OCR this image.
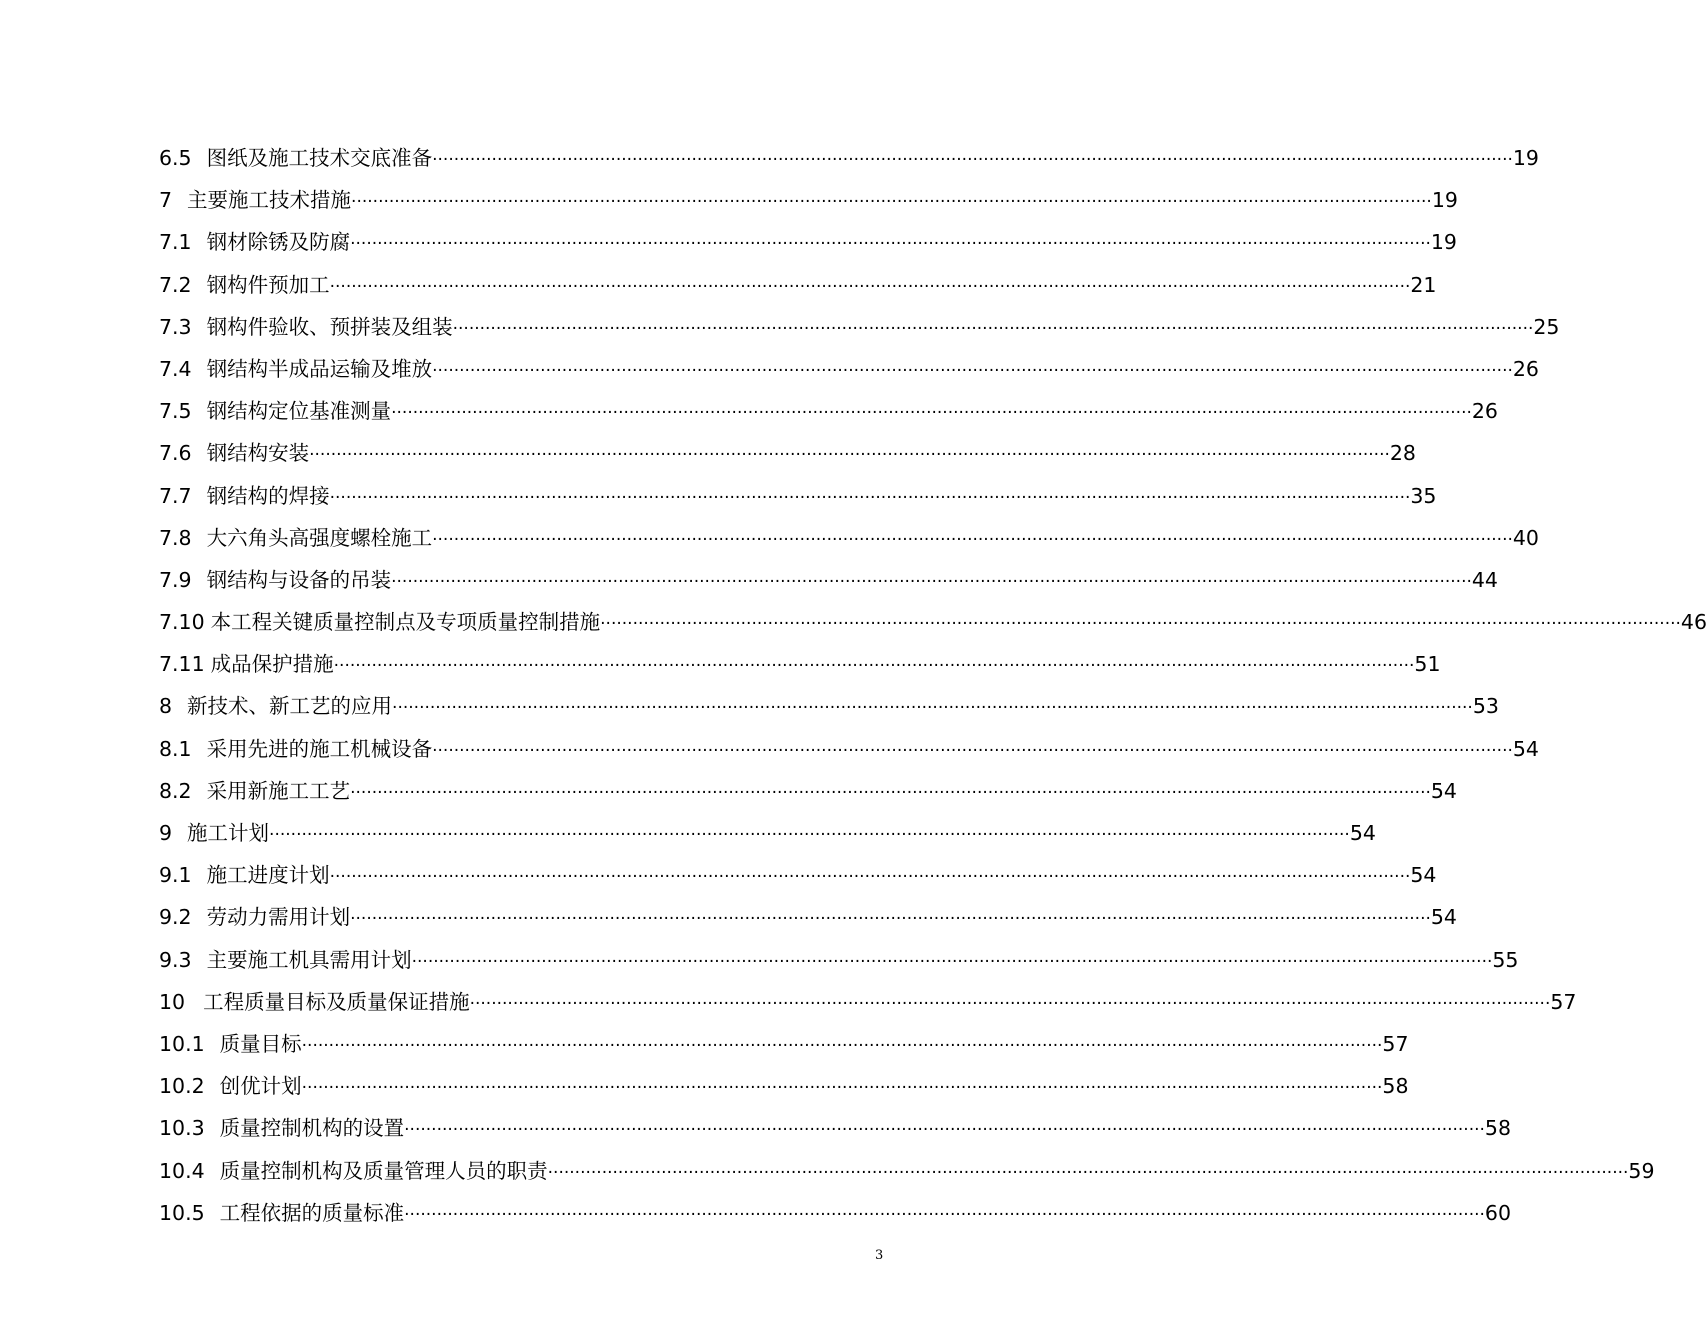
6.5 图纸及施工技术交底准备 ········································································································································································································ 19
7 主要施工技术措施 ········································································································································································································ 19
7.1 钢材除锈及防腐 ········································································································································································································ 19
7.2 钢构件预加工 ········································································································································································································ 21
7.3 钢构件验收、预拼装及组装 ········································································································································································································ 25
7.4 钢结构半成品运输及堆放 ········································································································································································································ 26
7.5 钢结构定位基准测量 ········································································································································································································ 26
7.6 钢结构安装 ········································································································································································································ 28
7.7 钢结构的焊接 ········································································································································································································ 35
7.8 大六角头高强度螺栓施工 ········································································································································································································ 40
7.9 钢结构与设备的吊装 ········································································································································································································ 44
7.10 本工程关键质量控制点及专项质量控制措施 ········································································································································································································ 46
7.11 成品保护措施 ········································································································································································································ 51
8 新技术、新工艺的应用 ········································································································································································································ 53
8.1 采用先进的施工机械设备 ········································································································································································································ 54
8.2 采用新施工工艺 ········································································································································································································ 54
9 施工计划 ········································································································································································································ 54
9.1 施工进度计划 ········································································································································································································ 54
9.2 劳动力需用计划 ········································································································································································································ 54
9.3 主要施工机具需用计划 ········································································································································································································ 55
10 工程质量目标及质量保证措施 ········································································································································································································ 57
10.1 质量目标 ········································································································································································································ 57
10.2 创优计划 ········································································································································································································ 58
10.3 质量控制机构的设置 ········································································································································································································ 58
10.4 质量控制机构及质量管理人员的职责 ········································································································································································································ 59
10.5 工程依据的质量标准 ········································································································································································································ 60
3
